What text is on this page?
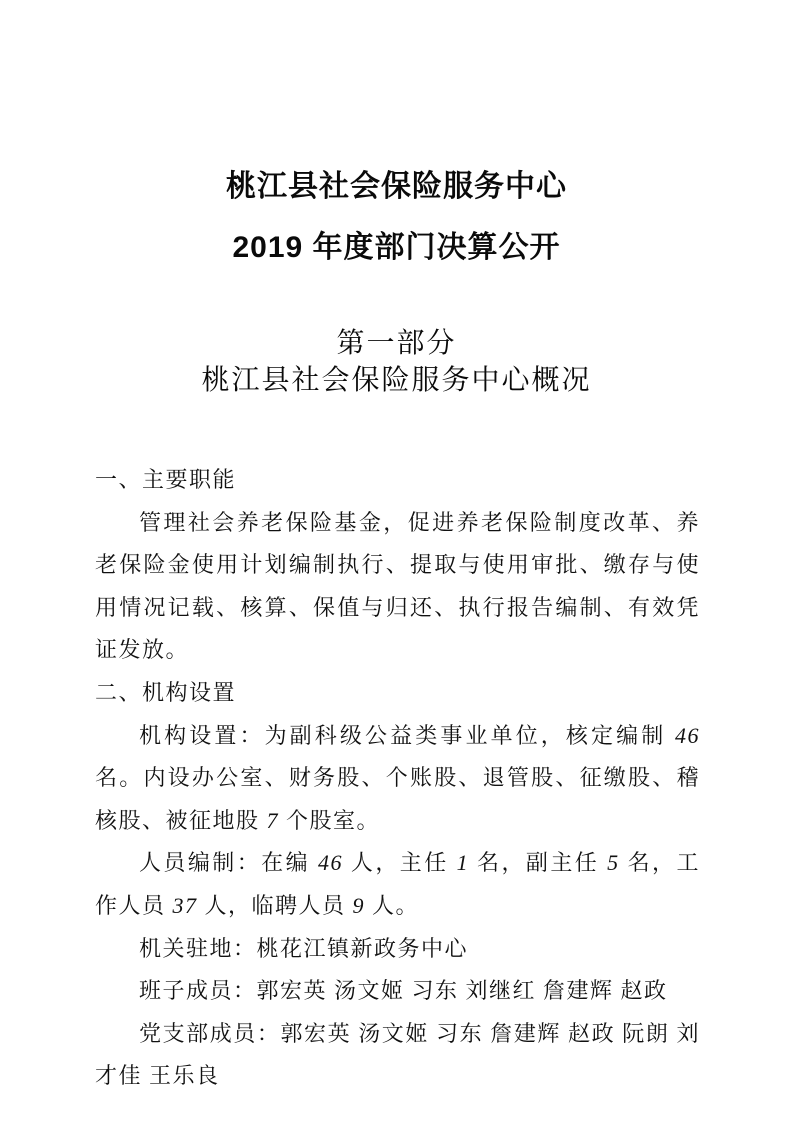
桃江县社会保险服务中心
2019 年度部门决算公开
第一部分
桃江县社会保险服务中心概况
一、主要职能
管理社会养老保险基金，促进养老保险制度改革、养老保险金使用计划编制执行、提取与使用审批、缴存与使用情况记载、核算、保值与归还、执行报告编制、有效凭证发放。
二、机构设置
机构设置：为副科级公益类事业单位，核定编制 46 名。内设办公室、财务股、个账股、退管股、征缴股、稽核股、被征地股 7 个股室。
人员编制：在编 46 人，主任 1 名，副主任 5 名，工作人员 37 人，临聘人员 9 人。
机关驻地：桃花江镇新政务中心
班子成员：郭宏英 汤文姬 习东 刘继红 詹建辉 赵政
党支部成员：郭宏英 汤文姬 习东 詹建辉 赵政 阮朗 刘才佳 王乐良
